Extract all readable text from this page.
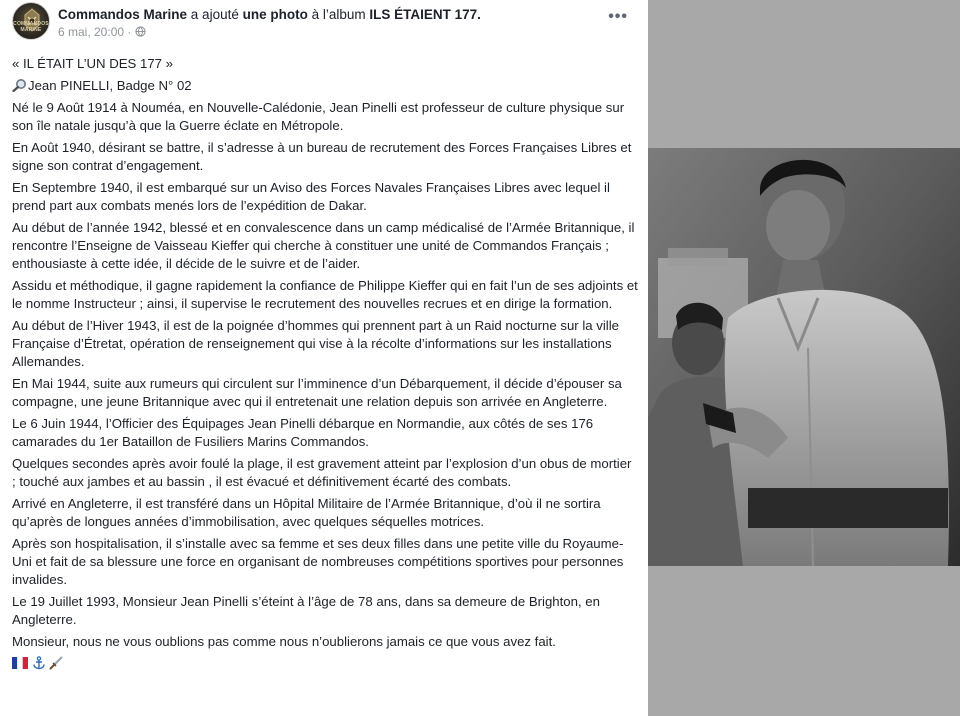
COMMANDOS MARINE
Commandos Marine a ajouté une photo à l’album ILS ÉTAIENT 177.
6 mai, 20:00 ·
•••

« IL ÉTAIT L’UN DES 177 »

Jean PINELLI, Badge N° 02

Né le 9 Août 1914 à Nouméa, en Nouvelle-Calédonie, Jean Pinelli est professeur de culture physique sur son île natale jusqu’à que la Guerre éclate en Métropole.

En Août 1940, désirant se battre, il s’adresse à un bureau de recrutement des Forces Françaises Libres et signe son contrat d’engagement.

En Septembre 1940, il est embarqué sur un Aviso des Forces Navales Françaises Libres avec lequel il prend part aux combats menés lors de l’expédition de Dakar.

Au début de l’année 1942, blessé et en convalescence dans un camp médicalisé de l’Armée Britannique, il rencontre l’Enseigne de Vaisseau Kieffer qui cherche à constituer une unité de Commandos Français ; enthousiaste à cette idée, il décide de le suivre et de l’aider.

Assidu et méthodique, il gagne rapidement la confiance de Philippe Kieffer qui en fait l’un de ses adjoints et le nomme Instructeur ; ainsi, il supervise le recrutement des nouvelles recrues et en dirige la formation.

Au début de l’Hiver 1943, il est de la poignée d’hommes qui prennent part à un Raid nocturne sur la ville Française d’Étretat, opération de renseignement qui vise à la récolte d’informations sur les installations Allemandes.

En Mai 1944, suite aux rumeurs qui circulent sur l’imminence d’un Débarquement, il décide d’épouser sa compagne, une jeune Britannique avec qui il entretenait une relation depuis son arrivée en Angleterre.

Le 6 Juin 1944, l’Officier des Équipages Jean Pinelli débarque en Normandie, aux côtés de ses 176 camarades du 1er Bataillon de Fusiliers Marins Commandos.

Quelques secondes après avoir foulé la plage, il est gravement atteint par l’explosion d’un obus de mortier ; touché aux jambes et au bassin , il est évacué et définitivement écarté des combats.

Arrivé en Angleterre, il est transféré dans un Hôpital Militaire de l’Armée Britannique, d’où il ne sortira qu’après de longues années d’immobilisation, avec quelques séquelles motrices.

Après son hospitalisation, il s’installe avec sa femme et ses deux filles dans une petite ville du Royaume-Uni et fait de sa blessure une force en organisant de nombreuses compétitions sportives pour personnes invalides.

Le 19 Juillet 1993, Monsieur Jean Pinelli s’éteint à l’âge de 78 ans, dans sa demeure de Brighton, en Angleterre.

Monsieur, nous ne vous oublions pas comme nous n’oublierons jamais ce que vous avez fait.
